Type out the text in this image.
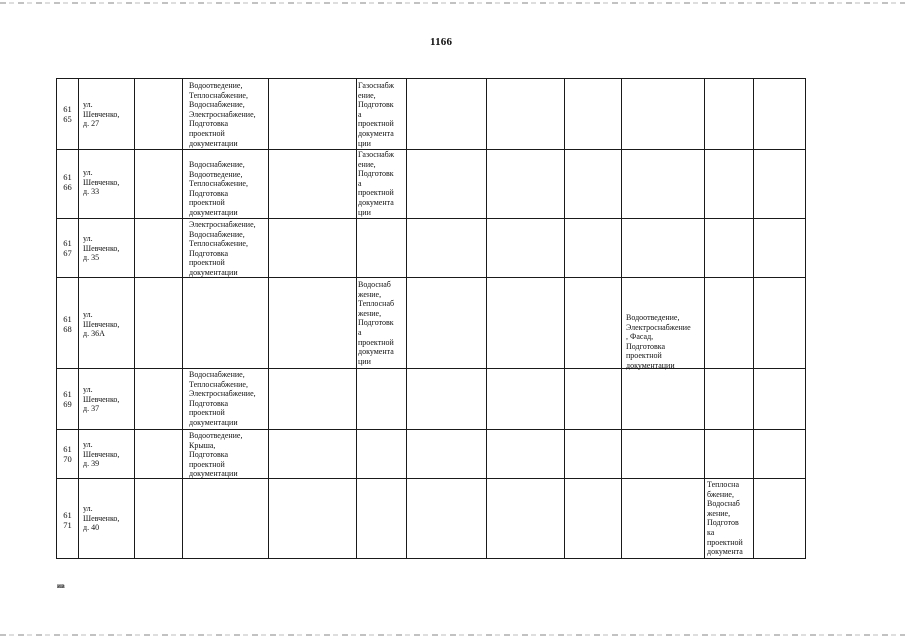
1166
61
65
ул.
Шевченко,
д. 27
Водоотведение,
Теплоснабжение,
Водоснабжение,
Электроснабжение,
Подготовка
проектной
документации
Газоснабж
ение,
Подготовк
а
проектной
документа
ции
61
66
ул.
Шевченко,
д. 33
Водоснабжение,
Водоотведение,
Теплоснабжение,
Подготовка
проектной
документации
Газоснабж
ение,
Подготовк
а
проектной
документа
ции
61
67
ул.
Шевченко,
д. 35
Электроснабжение,
Водоснабжение,
Теплоснабжение,
Подготовка
проектной
документации
61
68
ул.
Шевченко,
д. 36А
Водоснаб
жение,
Теплоснаб
жение,
Подготовк
а
проектной
документа
ции
Водоотведение,
Электроснабжение
, Фасад,
Подготовка
проектной
документации
61
69
ул.
Шевченко,
д. 37
Водоснабжение,
Теплоснабжение,
Электроснабжение,
Подготовка
проектной
документации
61
70
ул.
Шевченко,
д. 39
Водоотведение,
Крыша,
Подготовка
проектной
документации
61
71
ул.
Шевченко,
д. 40
Теплосна
бжение,
Водоснаб
жение,
Подготов
ка
проектной
документа
ив
